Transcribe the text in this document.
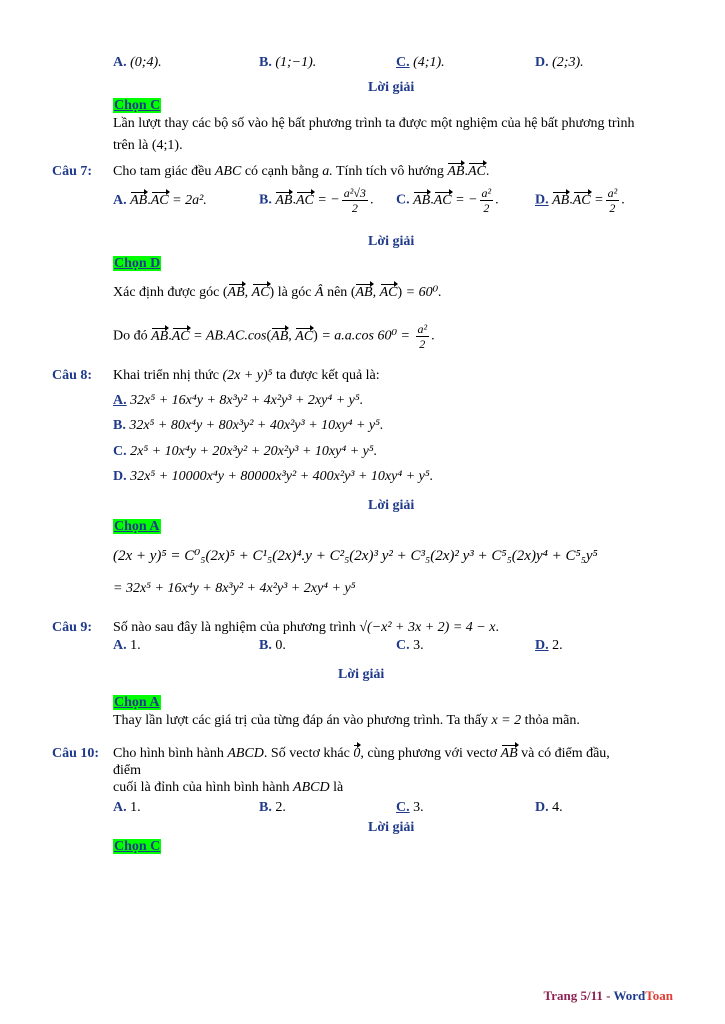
A. (0;4).	B. (1;−1).	C. (4;1).	D. (2;3).
Lời giải
Chọn C
Lần lượt thay các bộ số vào hệ bất phương trình ta được một nghiệm của hệ bất phương trình
trên là (4;1).
Câu 7: Cho tam giác đều ABC có cạnh bằng a. Tính tích vô hướng AB.AC.
A. AB.AC = 2a².	B. AB.AC = − $\frac{\text{a²√3}}{2}$ . C. AB.AC = − $\frac{\text{a²}}{2}$ .	D. $AB.AC = \frac{\text{a²}}{2}$ .
Lời giải
Chọn D
Xác định được góc (AB, AC) là góc Â nên (AB, AC) = 60⁰.
Do đó AB.AC = AB.AC.cos(AB, AC) = a.a.cos $60^0 = \frac{\text{a²}}{2}$ .
Câu 8: Khai triển nhị thức (2x + y)⁵ ta được kết quả là:
A. 32x⁵ + 16x⁴y + 8x³y² + 4x²y³ + 2xy⁴ + y⁵.
B. 32x⁵ + 80x⁴y + 80x³y² + 40x²y³ + 10xy⁴ + y⁵.
C. 2x⁵ + 10x⁴y + 20x³y² + 20x²y³ + 10xy⁴ + y⁵.
D. 32x⁵ + 10000x⁴y + 80000x³y² + 400x²y³ + 10xy⁴ + y⁵.
Lời giải
Chọn A
(2x + y)⁵ = C⁰₅(2x)⁵ + C¹₅(2x)⁴.y + C²₅(2x)³ y² + C³₅(2x)² y³ + C⁵₅(2x)y⁴ + C⁵₅y⁵
= 32x⁵ + 16x⁴y + 8x³y² + 4x²y³ + 2xy⁴ + y⁵
Câu 9: Số nào sau đây là nghiệm của phương trình √(−x² + 3x + 2) = 4 − x.
A. 1.	B. 0.	C. 3.	D. 2.
Lời giải
Chọn A
Thay lần lượt các giá trị của từng đáp án vào phương trình. Ta thấy x = 2 thỏa mãn.
Câu 10: Cho hình bình hành ABCD. Số vectơ khác 0, cùng phương với vectơ AB và có điểm đầu,
điểm
cuối là đỉnh của hình bình hành ABCD là
A. 1.	B. 2.	C. 3.	D. 4.
Lời giải
Chọn C
Trang 5/11 - WordToan
